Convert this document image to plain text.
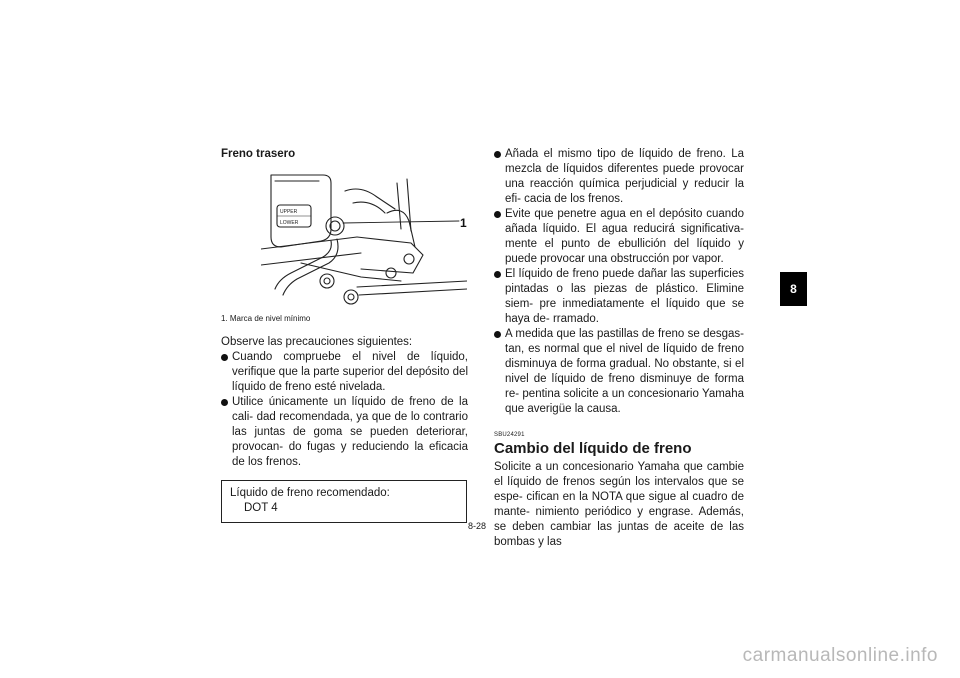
Freno trasero

UPPER
LOWER	1
1. Marca de nivel mínimo

Observe las precauciones siguientes:

Cuando compruebe el nivel de líquido, verifique que la parte superior del depósito del líquido de freno esté nivelada.
Utilice únicamente un líquido de freno de la cali- dad recomendada, ya que de lo contrario las juntas de goma se pueden deteriorar, provocan- do fugas y reduciendo la eficacia de los frenos.
Líquido de freno recomendado:
DOT 4
Añada el mismo tipo de líquido de freno. La mezcla de líquidos diferentes puede provocar una reacción química perjudicial y reducir la efi- cacia de los frenos.
Evite que penetre agua en el depósito cuando añada líquido. El agua reducirá significativa- mente el punto de ebullición del líquido y puede provocar una obstrucción por vapor.
El líquido de freno puede dañar las superficies pintadas o las piezas de plástico. Elimine siem- pre inmediatamente el líquido que se haya de- rramado.
A medida que las pastillas de freno se desgas- tan, es normal que el nivel de líquido de freno disminuya de forma gradual. No obstante, si el nivel de líquido de freno disminuye de forma re- pentina solicite a un concesionario Yamaha que averigüe la causa.
SBU24291
Cambio del líquido de freno

Solicite a un concesionario Yamaha que cambie el líquido de frenos según los intervalos que se espe- cifican en la NOTA que sigue al cuadro de mante- nimiento periódico y engrase. Además, se deben cambiar las juntas de aceite de las bombas y las

8-28
8
carmanualsonline.info
